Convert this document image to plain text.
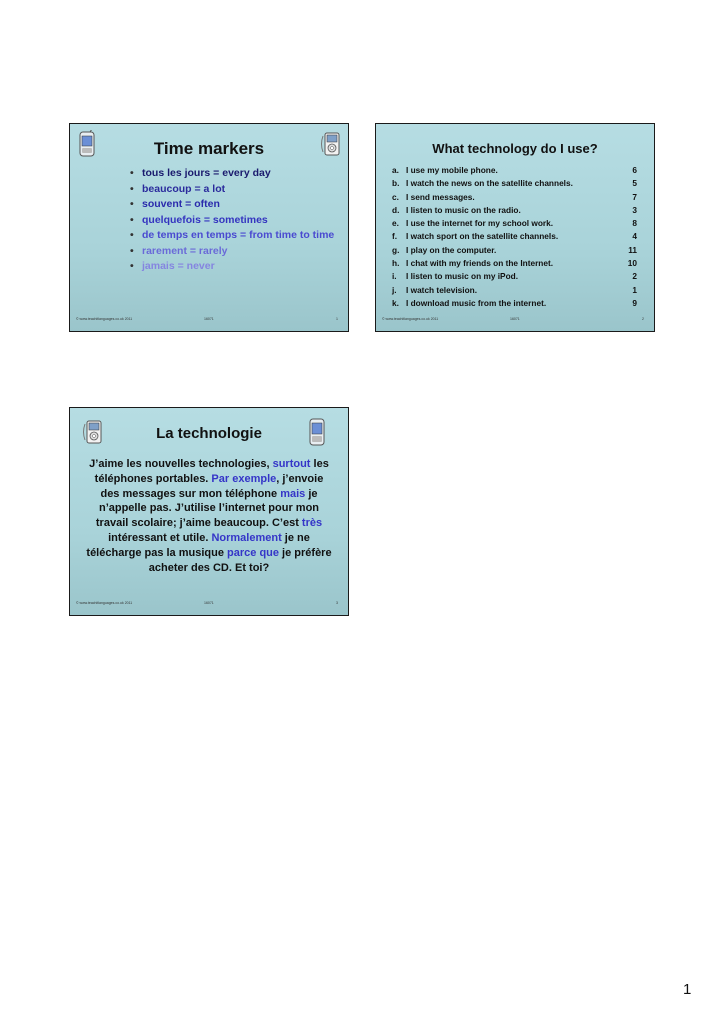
Time markers
• tous les jours = every day
• beaucoup = a lot
• souvent = often
• quelquefois = sometimes
• de temps en temps = from time to time
• rarement = rarely
• jamais = never
© www.teachitlanguages.co.uk 2011	16071	1
What technology do I use?
a. I use my mobile phone.	6
b. I watch the news on the satellite channels.	5
c. I send messages.	7
d. I listen to music on the radio.	3
e. I use the internet for my school work.	8
f. I watch sport on the satellite channels.	4
g. I play on the computer.	11
h. I chat with my friends on the Internet.	10
i. I listen to music on my iPod.	2
j. I watch television.	1
k. I download music from the internet.	9
© www.teachitlanguages.co.uk 2011	16071	2
La technologie
J’aime les nouvelles technologies, surtout les téléphones portables. Par exemple, j’envoie des messages sur mon téléphone mais je n’appelle pas. J’utilise l’internet pour mon travail scolaire; j’aime beaucoup. C’est très intéressant et utile. Normalement je ne télécharge pas la musique parce que je préfère acheter des CD. Et toi?
© www.teachitlanguages.co.uk 2011	16071	3
1
